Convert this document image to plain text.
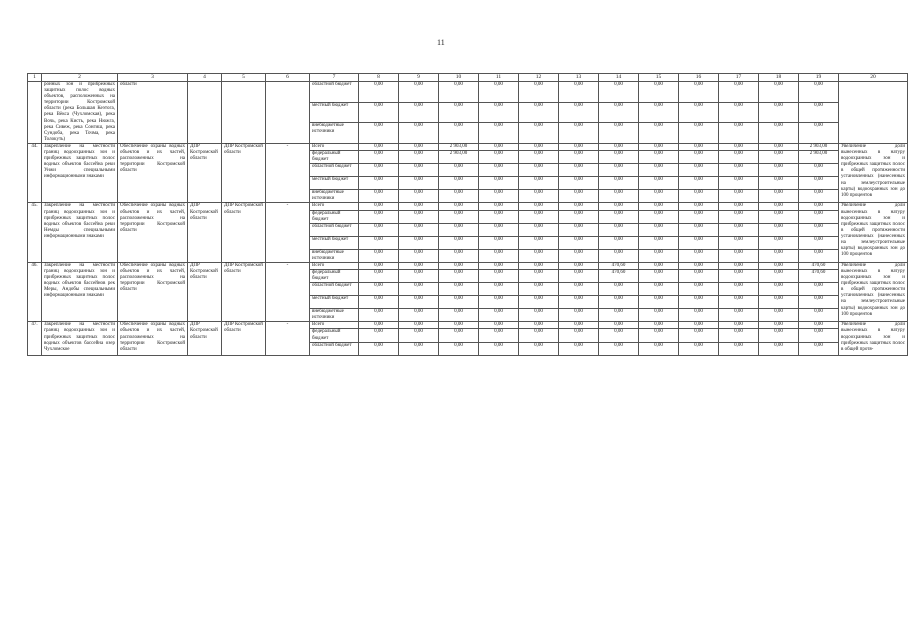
11
1	2	3	4	5	6	7	8	9	10	11	12	13	14	15	16	17	18	19	20
	ронных зон и прибрежных защитных полос водных объектов, расположенных на территории Костромской области (река Большая Кеэтога, река Вёкса (Чухломская), река Вочь, река Кисть, река Нюжга, река Сивеж, река Сонгиш, река Сундоба, река Точма, река Толокуть)	области				областной бюджет	0,00	0,00	0,00	0,00	0,00	0,00	0,00	0,00	0,00	0,00	0,00	0,00	
						местный бюджет	0,00	0,00	0,00	0,00	0,00	0,00	0,00	0,00	0,00	0,00	0,00	0,00	
						внебюджетные источники	0,00	0,00	0,00	0,00	0,00	0,00	0,00	0,00	0,00	0,00	0,00	0,00	
44.	Закрепление на местности границ водоохранных зон и прибрежных защитных полос водных объектов бассейна реки Унжи специальными информационными знаками	Обеспечение охраны водных объектов и их частей, расположенных на территории Костромской области	ДПР Костромской области	ДПР Костромской области	-	Всего	0,00	0,00	2 903,00	0,00	0,00	0,00	0,00	0,00	0,00	0,00	0,00	2 903,00	Увеличение доли вынесенных в натуру водоохранных зон и прибрежных защитных полос в общей протяженности установленных (нанесенных на землеустроительные карты) водоохранных зон до 100 процентов
						федеральный бюджет	0,00	0,00	2 903,00	0,00	0,00	0,00	0,00	0,00	0,00	0,00	0,00	2 903,00	
						областной бюджет	0,00	0,00	0,00	0,00	0,00	0,00	0,00	0,00	0,00	0,00	0,00	0,00	
						местный бюджет	0,00	0,00	0,00	0,00	0,00	0,00	0,00	0,00	0,00	0,00	0,00	0,00	
						внебюджетные источники	0,00	0,00	0,00	0,00	0,00	0,00	0,00	0,00	0,00	0,00	0,00	0,00	
45.	Закрепление на местности границ водоохранных зон и прибрежных защитных полос водных объектов бассейна реки Немды специальными информационными знаками	Обеспечение охраны водных объектов и их частей, расположенных на территории Костромской области	ДПР Костромской области	ДПР Костромской области	-	Всего	0,00	0,00	0,00	0,00	0,00	0,00	0,00	0,00	0,00	0,00	0,00	0,00	Увеличение доли вынесенных в натуру водоохранных зон и прибрежных защитных полос в общей протяженности установленных (нанесенных на землеустроительные карты) водоохранных зон до 100 процентов
						федеральный бюджет	0,00	0,00	0,00	0,00	0,00	0,00	0,00	0,00	0,00	0,00	0,00	0,00	
						областной бюджет	0,00	0,00	0,00	0,00	0,00	0,00	0,00	0,00	0,00	0,00	0,00	0,00	
						местный бюджет	0,00	0,00	0,00	0,00	0,00	0,00	0,00	0,00	0,00	0,00	0,00	0,00	
						внебюджетные источники	0,00	0,00	0,00	0,00	0,00	0,00	0,00	0,00	0,00	0,00	0,00	0,00	
46.	Закрепление на местности границ водоохранных зон и прибрежных защитных полос водных объектов бассейнов рек Меры, Андобы специальными информационными знаками	Обеспечение охраны водных объектов и их частей, расположенных на территории Костромской области	ДПР Костромской области	ДПР Костромской области	-	Всего	0,00	0,00	0,00	0,00	0,00	0,00	470,60	0,00	0,00	0,00	0,00	470,60	Увеличение доли вынесенных в натуру водоохранных зон и прибрежных защитных полос в общей протяженности установленных (нанесенных на землеустроительные карты) водоохранных зон до 100 процентов
						федеральный бюджет	0,00	0,00	0,00	0,00	0,00	0,00	470,60	0,00	0,00	0,00	0,00	470,60	
						областной бюджет	0,00	0,00	0,00	0,00	0,00	0,00	0,00	0,00	0,00	0,00	0,00	0,00	
						местный бюджет	0,00	0,00	0,00	0,00	0,00	0,00	0,00	0,00	0,00	0,00	0,00	0,00	
						внебюджетные источники	0,00	0,00	0,00	0,00	0,00	0,00	0,00	0,00	0,00	0,00	0,00	0,00	
47.	Закрепление на местности границ водоохранных зон и прибрежных защитных полос водных объектов бассейна озер Чухломское	Обеспечение охраны водных объектов и их частей, расположенных на территории Костромской области	ДПР Костромской области	ДПР Костромской области	-	Всего	0,00	0,00	0,00	0,00	0,00	0,00	0,00	0,00	0,00	0,00	0,00	0,00	Увеличение доли вынесенных в натуру водоохранных зон и прибрежных защитных полос в общей протя-
						федеральный бюджет	0,00	0,00	0,00	0,00	0,00	0,00	0,00	0,00	0,00	0,00	0,00	0,00	
						областной бюджет	0,00	0,00	0,00	0,00	0,00	0,00	0,00	0,00	0,00	0,00	0,00	0,00	
